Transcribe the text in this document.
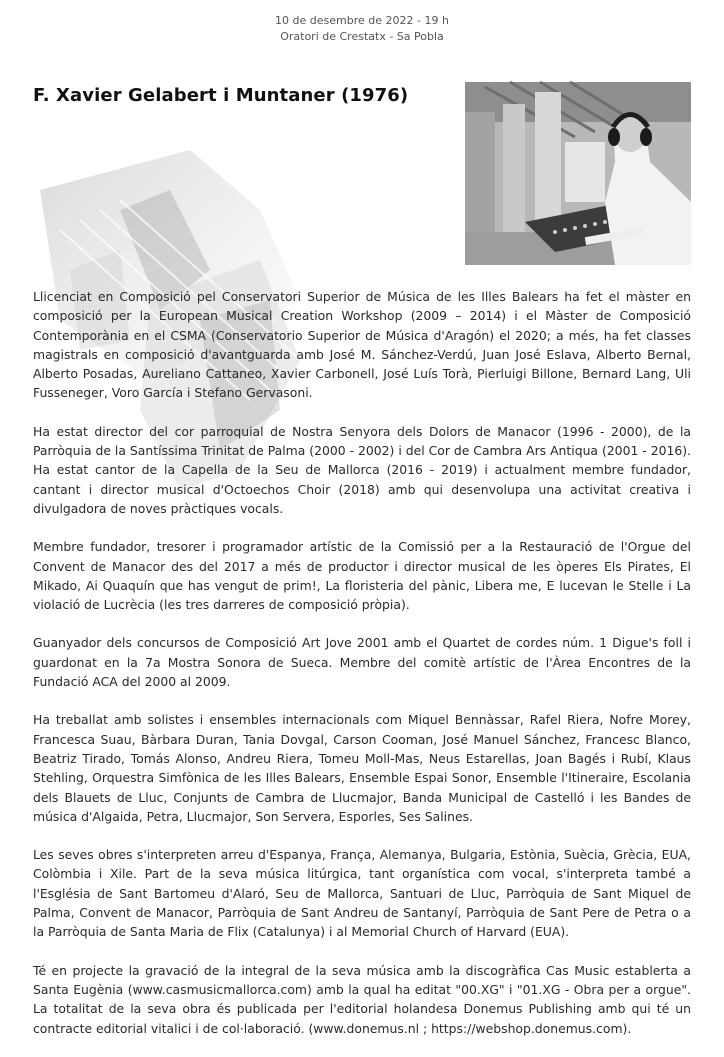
10 de desembre de 2022 - 19 h
Oratori de Crestatx - Sa Pobla
F. Xavier Gelabert i Muntaner (1976)

Llicenciat en Composició pel Conservatori Superior de Música de les Illes Balears ha fet el màster en composició per la European Musical Creation Workshop (2009 – 2014) i el Màster de Composició Contemporània en el CSMA (Conservatorio Superior de Música d'Aragón) el 2020; a més, ha fet classes magistrals en composició d'avantguarda amb José M. Sánchez-Verdú, Juan José Eslava, Alberto Bernal, Alberto Posadas, Aureliano Cattaneo, Xavier Carbonell, José Luís Torà, Pierluigi Billone, Bernard Lang, Uli Fusseneger, Voro García i Stefano Gervasoni.

Ha estat director del cor parroquial de Nostra Senyora dels Dolors de Manacor (1996 - 2000), de la Parròquia de la Santíssima Trinitat de Palma (2000 - 2002) i del Cor de Cambra Ars Antiqua (2001 - 2016). Ha estat cantor de la Capella de la Seu de Mallorca (2016 - 2019) i actualment membre fundador, cantant i director musical d'Octoechos Choir (2018) amb qui desenvolupa una activitat creativa i divulgadora de noves pràctiques vocals.

Membre fundador, tresorer i programador artístic de la Comissió per a la Restauració de l'Orgue del Convent de Manacor des del 2017 a més de productor i director musical de les òperes Els Pirates, El Mikado, Ai Quaquín que has vengut de prim!, La floristeria del pànic, Libera me, E lucevan le Stelle i La violació de Lucrècia (les tres darreres de composició pròpia).

Guanyador dels concursos de Composició Art Jove 2001 amb el Quartet de cordes núm. 1 Digue's foll i guardonat en la 7a Mostra Sonora de Sueca. Membre del comitè artístic de l'Àrea Encontres de la Fundació ACA del 2000 al 2009.

Ha treballat amb solistes i ensembles internacionals com Miquel Bennàssar, Rafel Riera, Nofre Morey, Francesca Suau, Bàrbara Duran, Tania Dovgal, Carson Cooman, José Manuel Sánchez, Francesc Blanco, Beatriz Tirado, Tomás Alonso, Andreu Riera, Tomeu Moll-Mas, Neus Estarellas, Joan Bagés i Rubí, Klaus Stehling, Orquestra Simfònica de les Illes Balears, Ensemble Espai Sonor, Ensemble l'Itineraire, Escolania dels Blauets de Lluc, Conjunts de Cambra de Llucmajor, Banda Municipal de Castelló i les Bandes de música d'Algaida, Petra, Llucmajor, Son Servera, Esporles, Ses Salines.

Les seves obres s'interpreten arreu d'Espanya, França, Alemanya, Bulgaria, Estònia, Suècia, Grècia, EUA, Colòmbia i Xile. Part de la seva música litúrgica, tant organística com vocal, s'interpreta també a l'Església de Sant Bartomeu d'Alaró, Seu de Mallorca, Santuari de Lluc, Parròquia de Sant Miquel de Palma, Convent de Manacor, Parròquia de Sant Andreu de Santanyí, Parròquia de Sant Pere de Petra o a la Parròquia de Santa Maria de Flix (Catalunya) i al Memorial Church of Harvard (EUA).

Té en projecte la gravació de la integral de la seva música amb la discogràfica Cas Music establerta a Santa Eugènia (www.casmusicmallorca.com) amb la qual ha editat "00.XG" i "01.XG - Obra per a orgue". La totalitat de la seva obra és publicada per l'editorial holandesa Donemus Publishing amb qui té un contracte editorial vitalici i de col·laboració. (www.donemus.nl ; https://webshop.donemus.com).
